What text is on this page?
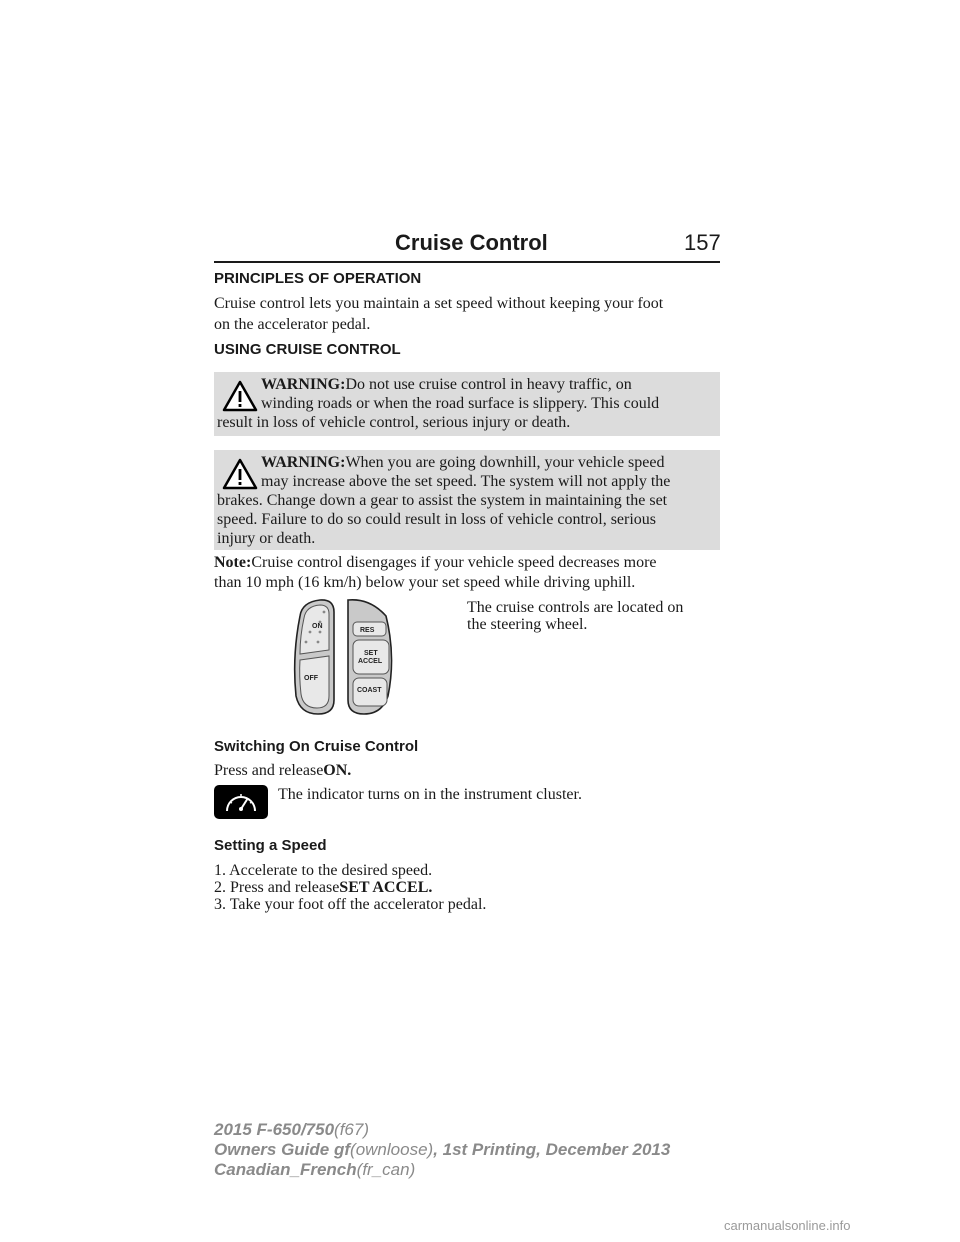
Cruise Control	157
PRINCIPLES OF OPERATION
Cruise control lets you maintain a set speed without keeping your foot
on the accelerator pedal.
USING CRUISE CONTROL

WARNING:Do not use cruise control in heavy traffic, on

winding roads or when the road surface is slippery. This could

result in loss of vehicle control, serious injury or death.

WARNING:When you are going downhill, your vehicle speed

may increase above the set speed. The system will not apply the

brakes. Change down a gear to assist the system in maintaining the set

speed. Failure to do so could result in loss of vehicle control, serious

injury or death.

Note:Cruise control disengages if your vehicle speed decreases more
than 10 mph (16 km/h) below your set speed while driving uphill.
ON
OFF
RES
SET
ACCEL
COAST
The cruise controls are located on
the steering wheel.
Switching On Cruise Control
Press and releaseON.
The indicator turns on in the instrument cluster.
Setting a Speed
1. Accelerate to the desired speed.
2. Press and releaseSET ACCEL.
3. Take your foot off the accelerator pedal.
2015 F-650/750(f67)
Owners Guide gf(ownloose), 1st Printing, December 2013
Canadian_French(fr_can)
carmanualsonline.info
